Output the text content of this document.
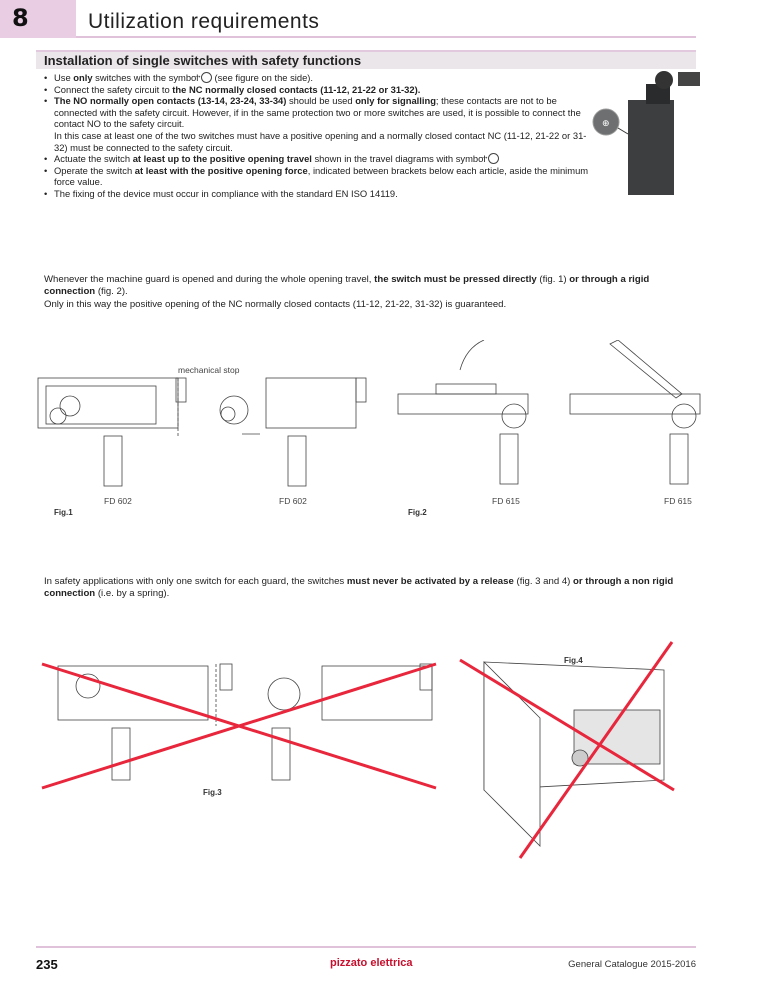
8	Utilization requirements
Installation of single switches with safety functions
• Use only switches with the symbol → (see figure on the side).
• Connect the safety circuit to the NC normally closed contacts (11-12, 21-22 or 31-32).
• The NO normally open contacts (13-14, 23-24, 33-34) should be used only for signalling; these contacts are not to be connected with the safety circuit. However, if in the same protection two or more switches are used, it is possible to connect the contact NO to the safety circuit.
In this case at least one of the two switches must have a positive opening and a normally closed contact NC (11-12, 21-22 or 31-32) must be connected to the safety circuit.
• Actuate the switch at least up to the positive opening travel shown in the travel diagrams with symbol →
• Operate the switch at least with the positive opening force, indicated between brackets below each article, aside the minimum force value.
• The fixing of the device must occur in compliance with the standard EN ISO 14119.
⊕
Whenever the machine guard is opened and during the whole opening travel, the switch must be pressed directly (fig. 1) or through a rigid connection (fig. 2).
Only in this way the positive opening of the NC normally closed contacts (11-12, 21-22, 31-32) is guaranteed.
mechanical stop
FD 602	FD 602	FD 615	FD 615
Fig.1	Fig.2
In safety applications with only one switch for each guard, the switches must never be activated by a release (fig. 3 and 4) or through a non rigid connection (i.e. by a spring).
Fig.3
Fig.4
235	pizzato elettrica	General Catalogue 2015-2016
